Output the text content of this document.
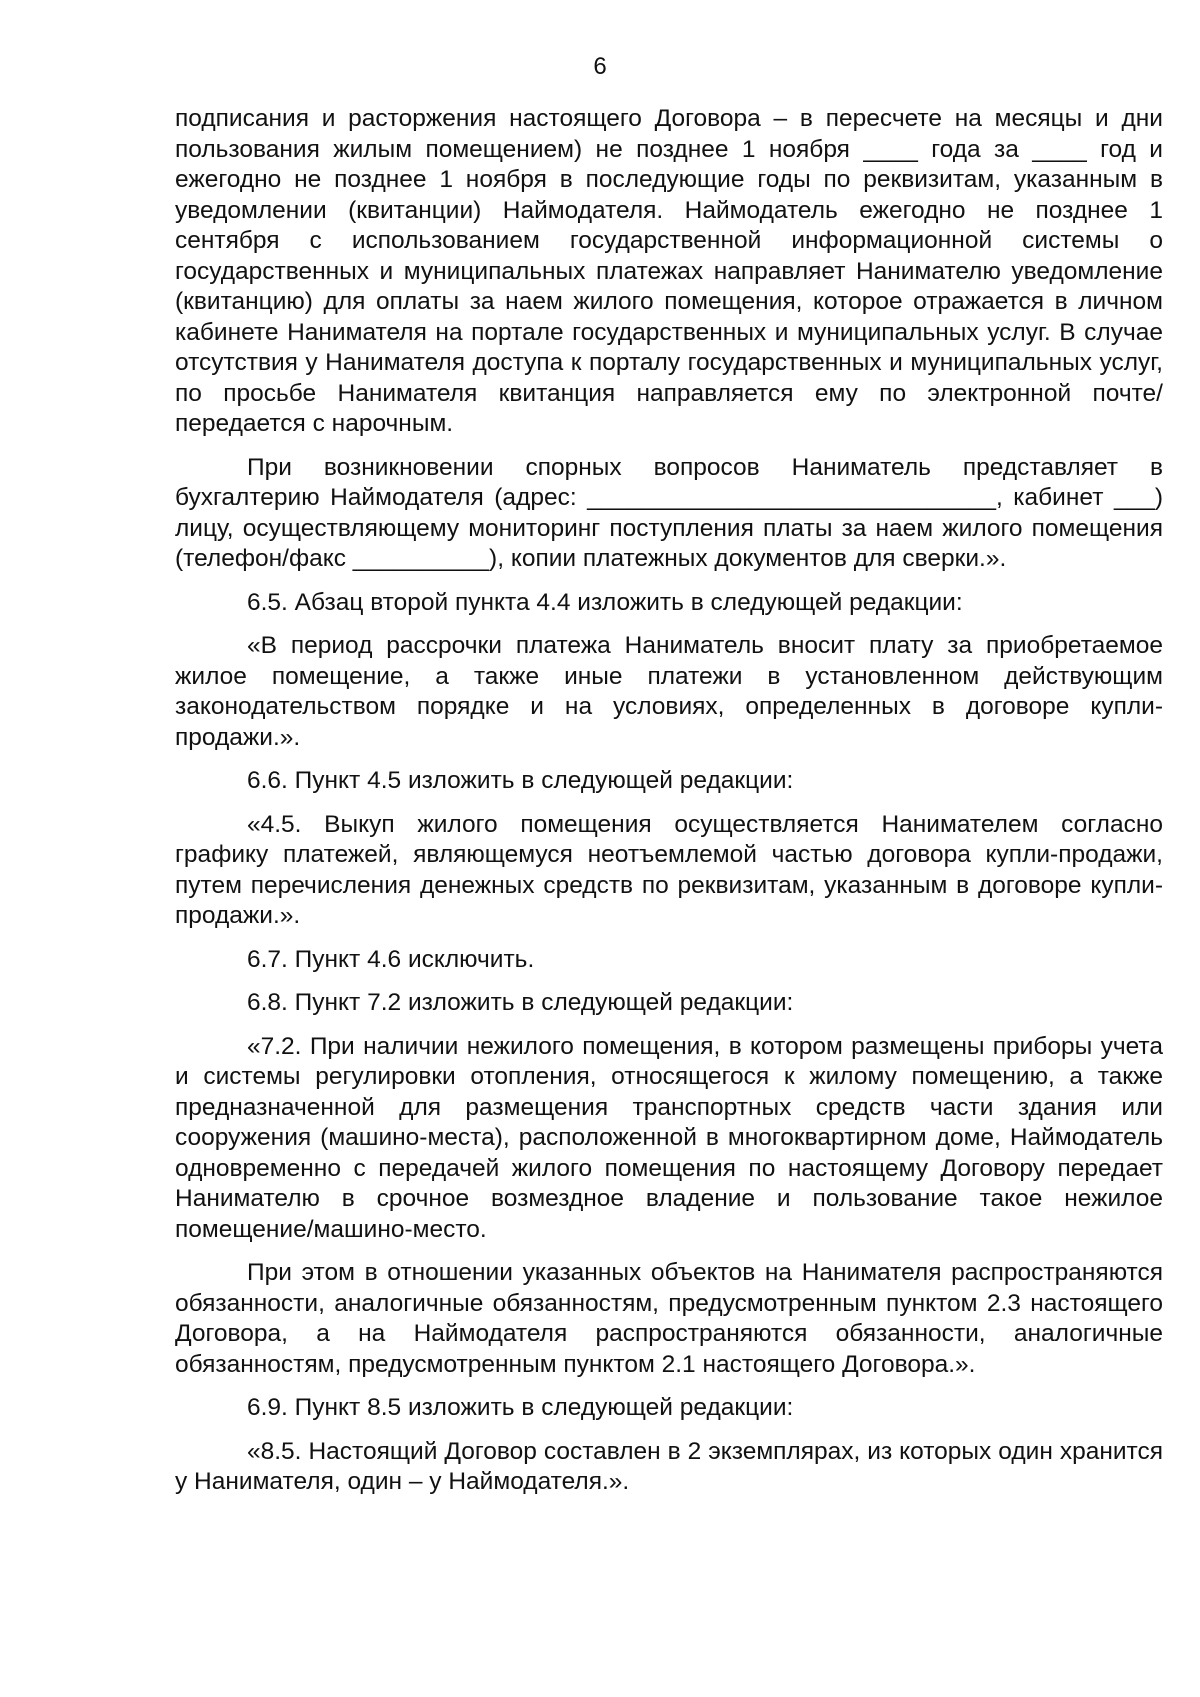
6

подписания и расторжения настоящего Договора – в пересчете на месяцы и дни пользования жилым помещением) не позднее 1 ноября ____ года за ____ год и ежегодно не позднее 1 ноября в последующие годы по реквизитам, указанным в уведомлении (квитанции) Наймодателя. Наймодатель ежегодно не позднее 1 сентября с использованием государственной информационной системы о государственных и муниципальных платежах направляет Нанимателю уведомление (квитанцию) для оплаты за наем жилого помещения, которое отражается в личном кабинете Нанимателя на портале государственных и муниципальных услуг. В случае отсутствия у Нанимателя доступа к порталу государственных и муниципальных услуг, по просьбе Нанимателя квитанция направляется ему по электронной почте/передается с нарочным.

При возникновении спорных вопросов Наниматель представляет в бухгалтерию Наймодателя (адрес: ______________________________, кабинет ___) лицу, осуществляющему мониторинг поступления платы за наем жилого помещения (телефон/факс __________), копии платежных документов для сверки.».

6.5. Абзац второй пункта 4.4 изложить в следующей редакции:

«В период рассрочки платежа Наниматель вносит плату за приобретаемое жилое помещение, а также иные платежи в установленном действующим законодательством порядке и на условиях, определенных в договоре купли-продажи.».

6.6. Пункт 4.5 изложить в следующей редакции:

«4.5. Выкуп жилого помещения осуществляется Нанимателем согласно графику платежей, являющемуся неотъемлемой частью договора купли-продажи, путем перечисления денежных средств по реквизитам, указанным в договоре купли-продажи.».

6.7. Пункт 4.6 исключить.

6.8. Пункт 7.2 изложить в следующей редакции:

«7.2. При наличии нежилого помещения, в котором размещены приборы учета и системы регулировки отопления, относящегося к жилому помещению, а также предназначенной для размещения транспортных средств части здания или сооружения (машино-места), расположенной в многоквартирном доме, Наймодатель одновременно с передачей жилого помещения по настоящему Договору передает Нанимателю в срочное возмездное владение и пользование такое нежилое помещение/машино-место.

При этом в отношении указанных объектов на Нанимателя распространяются обязанности, аналогичные обязанностям, предусмотренным пунктом 2.3 настоящего Договора, а на Наймодателя распространяются обязанности, аналогичные обязанностям, предусмотренным пунктом 2.1 настоящего Договора.».

6.9. Пункт 8.5 изложить в следующей редакции:

«8.5. Настоящий Договор составлен в 2 экземплярах, из которых один хранится у Нанимателя, один – у Наймодателя.».
